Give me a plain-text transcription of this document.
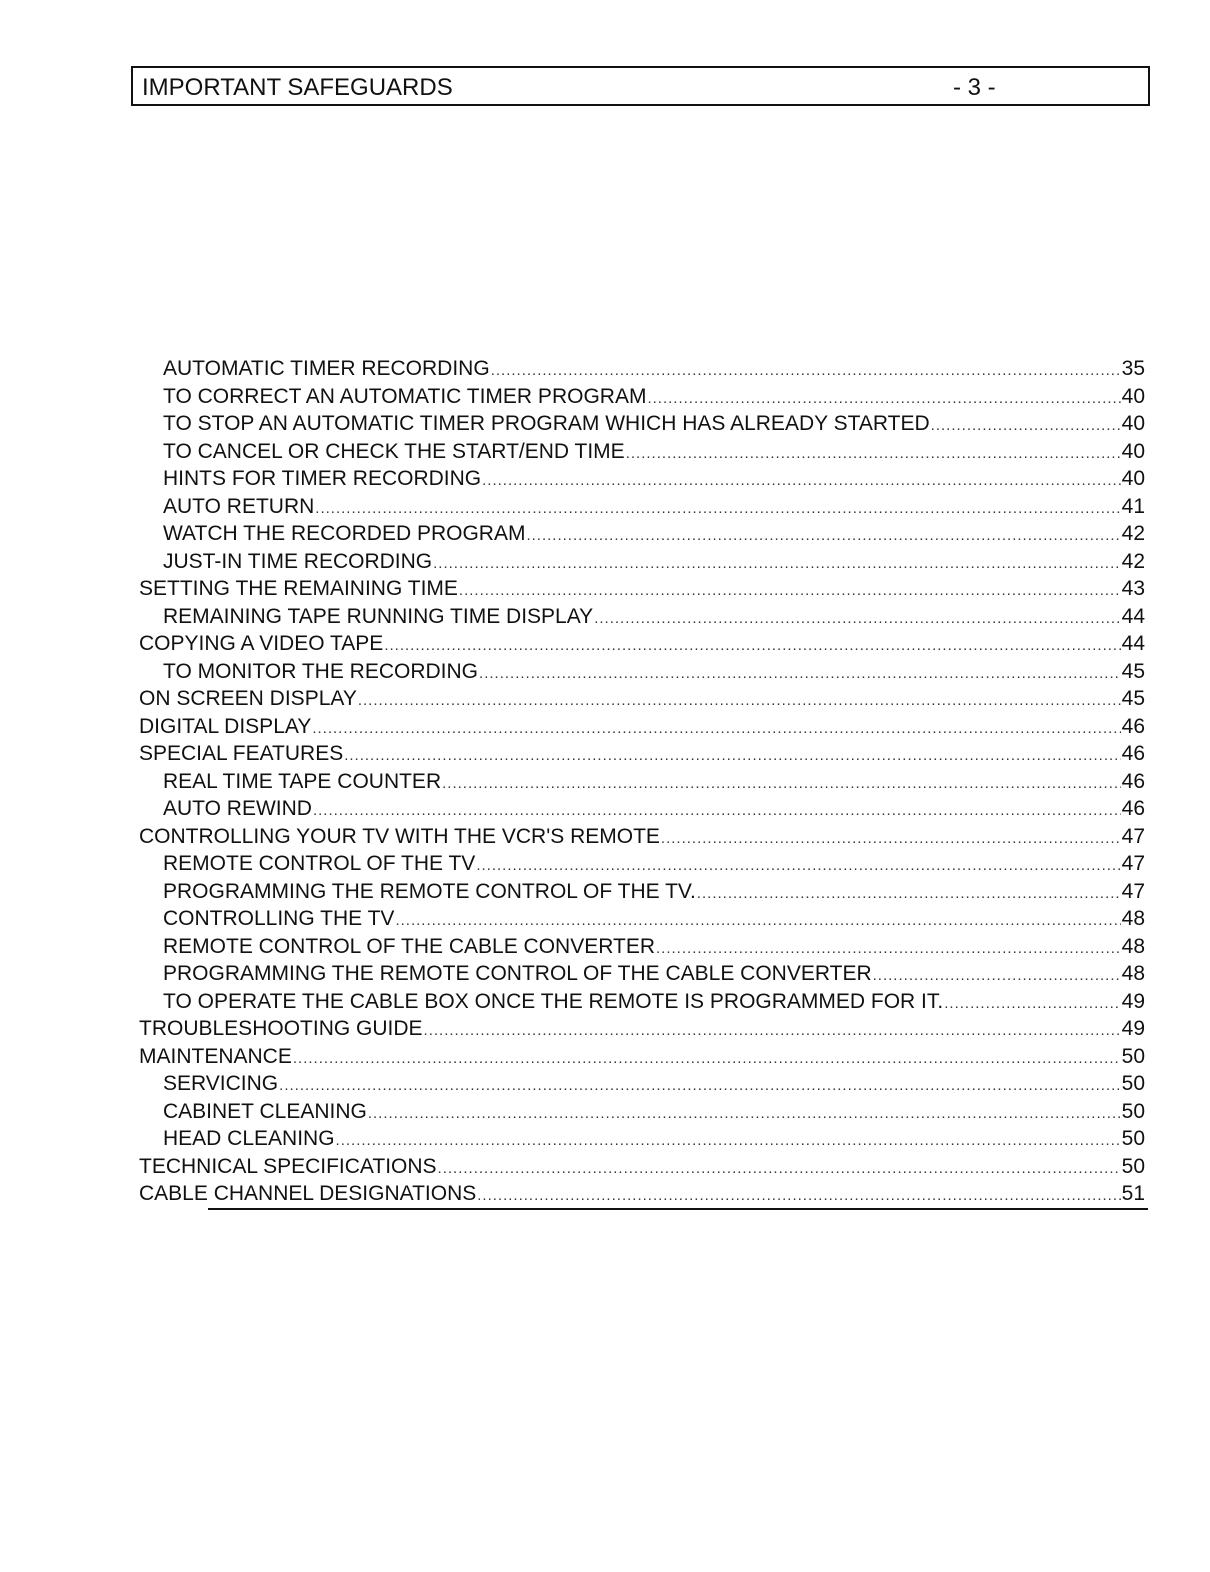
IMPORTANT SAFEGUARDS	- 3 -
AUTOMATIC TIMER RECORDING .....	35
TO CORRECT AN AUTOMATIC TIMER PROGRAM .....	40
TO STOP AN AUTOMATIC TIMER PROGRAM WHICH HAS ALREADY STARTED .....	40
TO CANCEL OR CHECK THE START/END TIME .....	40
HINTS FOR TIMER RECORDING .....	40
AUTO RETURN .....	41
WATCH THE RECORDED PROGRAM .....	42
JUST-IN TIME RECORDING .....	42
SETTING THE REMAINING TIME .....	43
REMAINING TAPE RUNNING TIME DISPLAY .....	44
COPYING A VIDEO TAPE .....	44
TO MONITOR THE RECORDING .....	45
ON SCREEN DISPLAY .....	45
DIGITAL DISPLAY .....	46
SPECIAL FEATURES .....	46
REAL TIME TAPE COUNTER .....	46
AUTO REWIND .....	46
CONTROLLING YOUR TV WITH THE VCR'S REMOTE .....	47
REMOTE CONTROL OF THE TV .....	47
PROGRAMMING THE REMOTE CONTROL OF THE TV. .....	47
CONTROLLING THE TV .....	48
REMOTE CONTROL OF THE CABLE CONVERTER .....	48
PROGRAMMING THE REMOTE CONTROL OF THE CABLE CONVERTER .....	48
TO OPERATE THE CABLE BOX ONCE THE REMOTE IS PROGRAMMED FOR IT. .....	49
TROUBLESHOOTING GUIDE .....	49
MAINTENANCE .....	50
SERVICING .....	50
CABINET CLEANING .....	50
HEAD CLEANING .....	50
TECHNICAL SPECIFICATIONS .....	50
CABLE CHANNEL DESIGNATIONS .....	51
